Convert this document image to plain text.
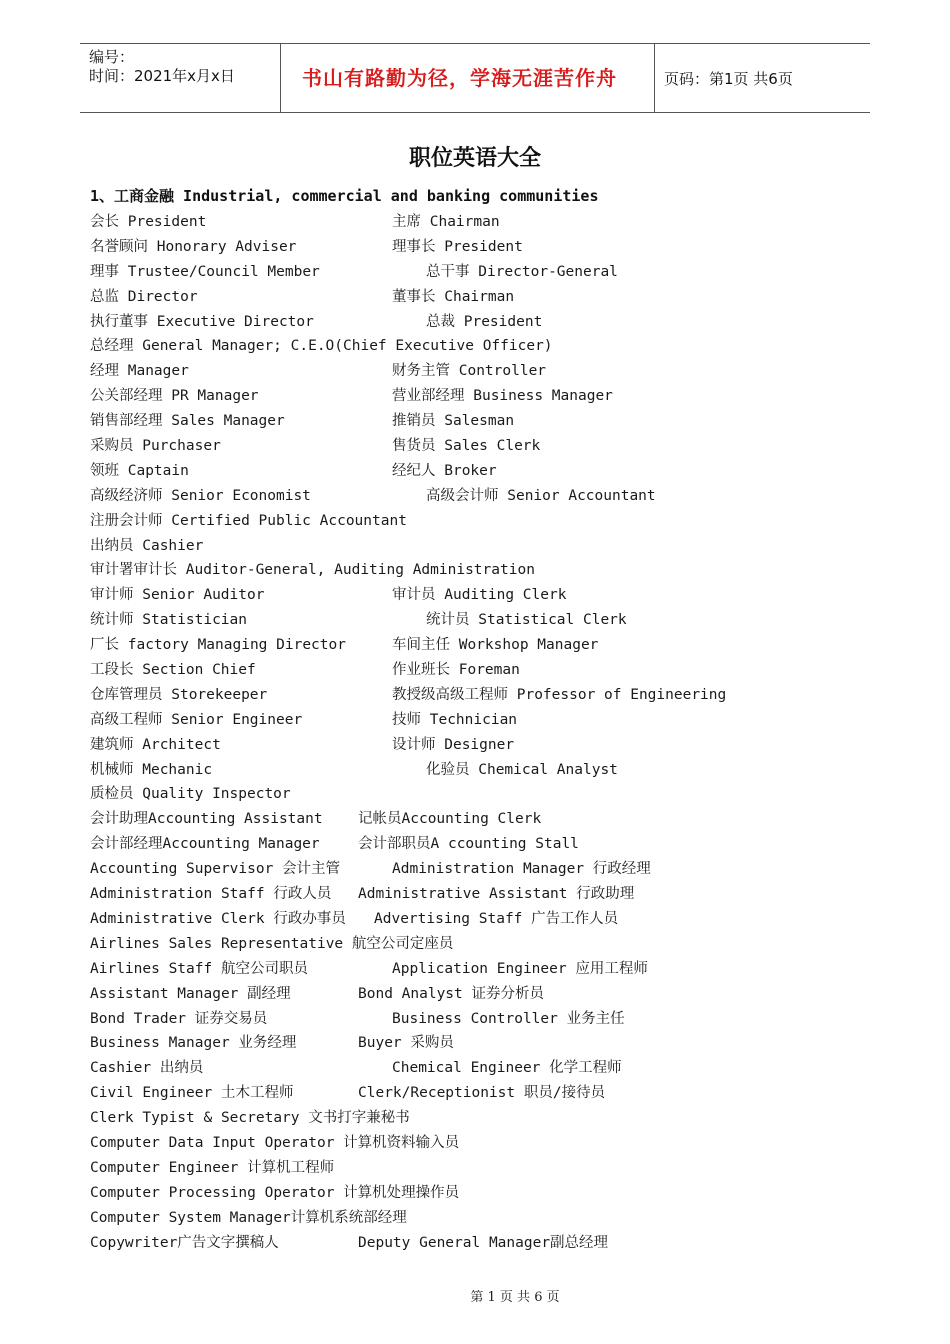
编号：
时间：2021年x月x日	书山有路勤为径，学海无涯苦作舟	页码：第1页 共6页
职位英语大全
1、工商金融 Industrial, commercial and banking communities
会长 President	主席 Chairman
名誉顾问 Honorary Adviser	理事长 President
理事 Trustee/Council Member	总干事 Director-General
总监 Director	董事长 Chairman
执行董事 Executive Director	总裁 President
总经理 General Manager; C.E.O(Chief Executive Officer)
经理 Manager	财务主管 Controller
公关部经理 PR Manager	营业部经理 Business Manager
销售部经理 Sales Manager	推销员 Salesman
采购员 Purchaser	售货员 Sales Clerk
领班 Captain	经纪人 Broker
高级经济师 Senior Economist	高级会计师 Senior Accountant
注册会计师 Certified Public Accountant
出纳员 Cashier
审计署审计长 Auditor-General, Auditing Administration
审计师 Senior Auditor	审计员 Auditing Clerk
统计师 Statistician	统计员 Statistical Clerk
厂长 factory Managing Director	车间主任 Workshop Manager
工段长 Section Chief	作业班长 Foreman
仓库管理员 Storekeeper	教授级高级工程师 Professor of Engineering
高级工程师 Senior Engineer	技师 Technician
建筑师 Architect	设计师 Designer
机械师 Mechanic	化验员 Chemical Analyst
质检员 Quality Inspector
会计助理Accounting Assistant 记帐员Accounting Clerk
会计部经理Accounting Manager	会计部职员A ccounting Stall
Accounting Supervisor 会计主管	Administration Manager 行政经理
Administration Staff 行政人员 Administrative Assistant 行政助理
Administrative Clerk 行政办事员 Advertising Staff 广告工作人员
Airlines Sales Representative 航空公司定座员
Airlines Staff 航空公司职员	Application Engineer 应用工程师
Assistant Manager 副经理	Bond Analyst 证券分析员
Bond Trader 证券交易员	Business Controller 业务主任
Business Manager 业务经理	Buyer 采购员
Cashier 出纳员	Chemical Engineer 化学工程师
Civil Engineer 土木工程师	Clerk/Receptionist 职员/接待员
Clerk Typist & Secretary 文书打字兼秘书
Computer Data Input Operator 计算机资料输入员
Computer Engineer 计算机工程师
Computer Processing Operator 计算机处理操作员
Computer System Manager计算机系统部经理
Copywriter广告文字撰稿人	Deputy General Manager副总经理
第 1 页 共 6 页
